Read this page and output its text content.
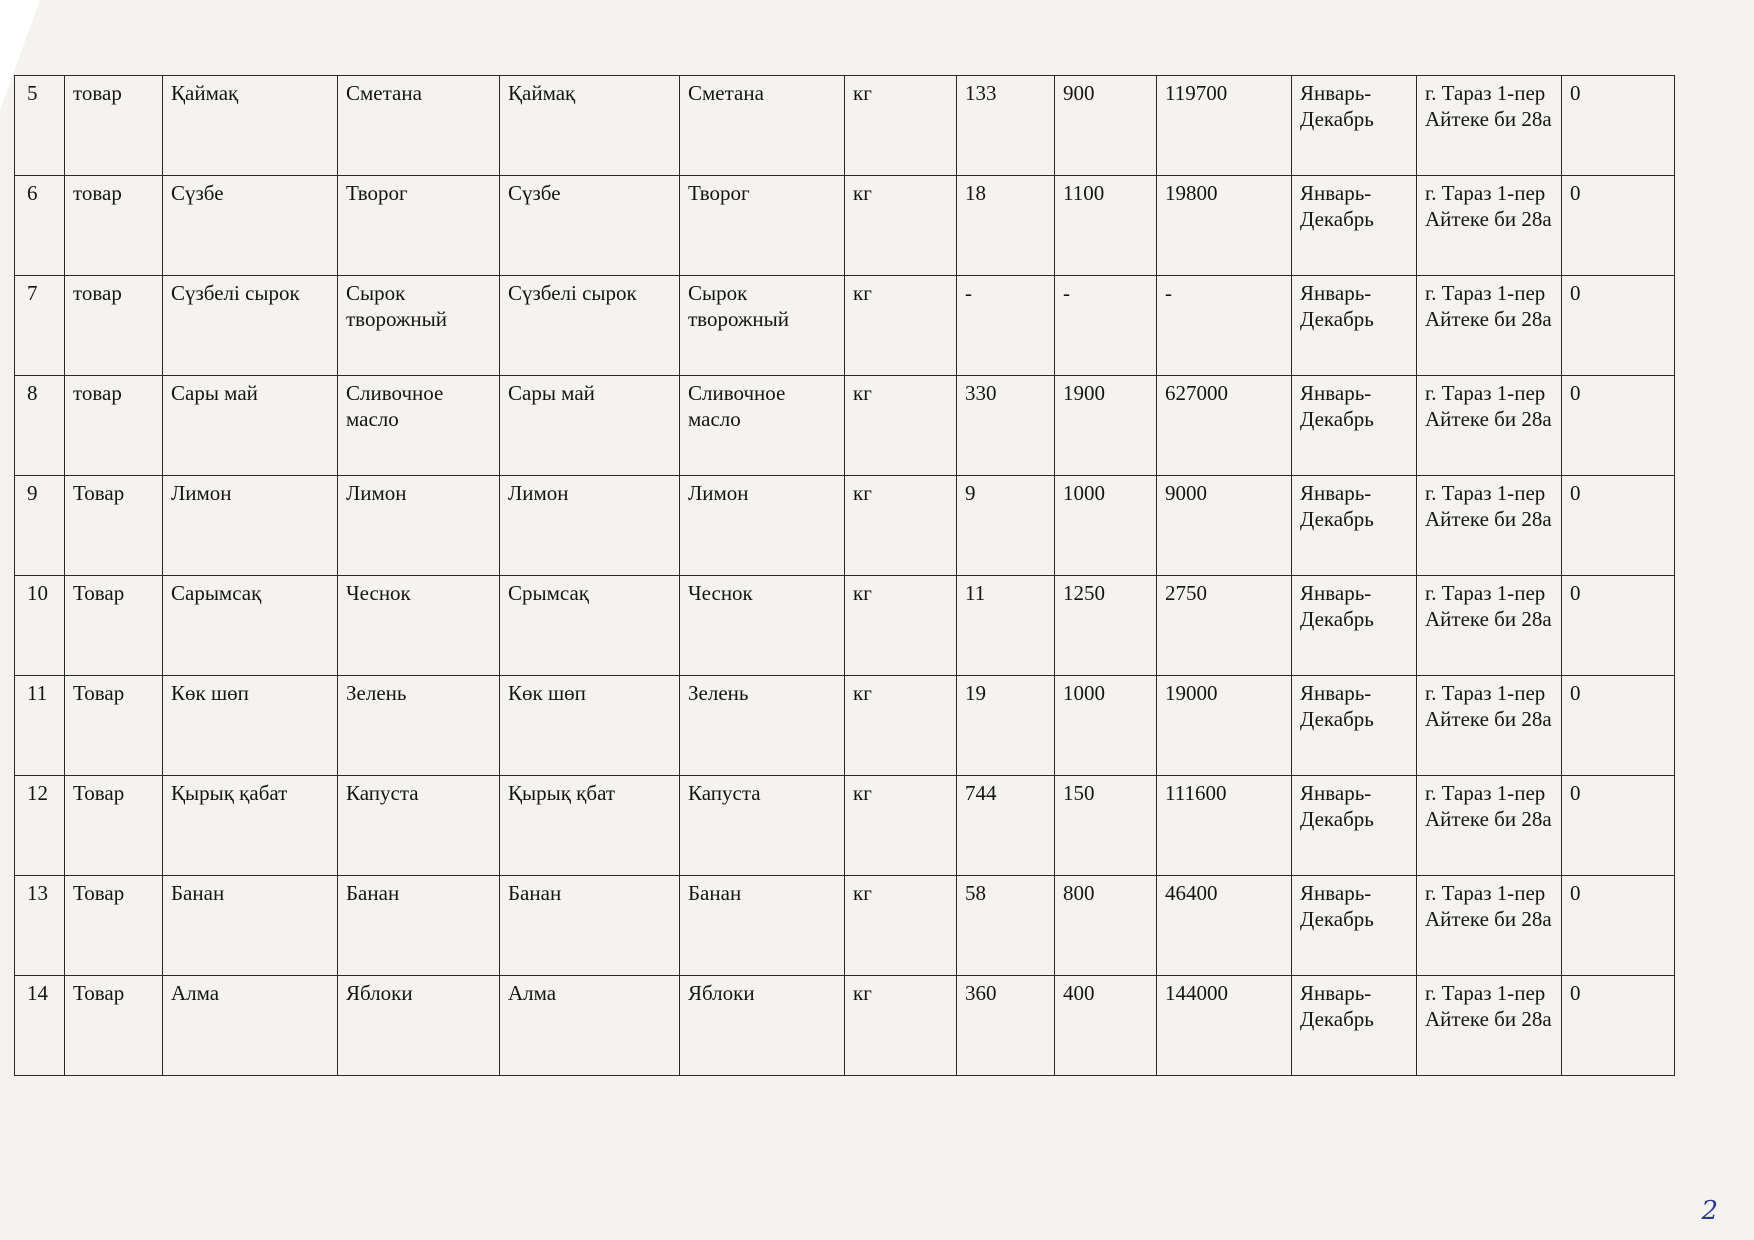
5	товар	Қаймақ	Сметана	Қаймақ	Сметана	кг	133	900	119700	Январь-Декабрь	г. Тараз 1-пер Айтеке би 28а	0
6	товар	Сүзбе	Творог	Сүзбе	Творог	кг	18	1100	19800	Январь-Декабрь	г. Тараз 1-пер Айтеке би 28а	0
7	товар	Сүзбелі сырок	Сырок творожный	Сүзбелі сырок	Сырок творожный	кг	-	-	-	Январь-Декабрь	г. Тараз 1-пер Айтеке би 28а	0
8	товар	Сары май	Сливочное масло	Сары май	Сливочное масло	кг	330	1900	627000	Январь-Декабрь	г. Тараз 1-пер Айтеке би 28а	0
9	Товар	Лимон	Лимон	Лимон	Лимон	кг	9	1000	9000	Январь-Декабрь	г. Тараз 1-пер Айтеке би 28а	0
10	Товар	Сарымсақ	Чеснок	Срымсақ	Чеснок	кг	11	1250	2750	Январь-Декабрь	г. Тараз 1-пер Айтеке би 28а	0
11	Товар	Көк шөп	Зелень	Көк шөп	Зелень	кг	19	1000	19000	Январь-Декабрь	г. Тараз 1-пер Айтеке би 28а	0
12	Товар	Қырық қабат	Капуста	Қырық қбат	Капуста	кг	744	150	111600	Январь-Декабрь	г. Тараз 1-пер Айтеке би 28а	0
13	Товар	Банан	Банан	Банан	Банан	кг	58	800	46400	Январь-Декабрь	г. Тараз 1-пер Айтеке би 28а	0
14	Товар	Алма	Яблоки	Алма	Яблоки	кг	360	400	144000	Январь-Декабрь	г. Тараз 1-пер Айтеке би 28а	0
2
